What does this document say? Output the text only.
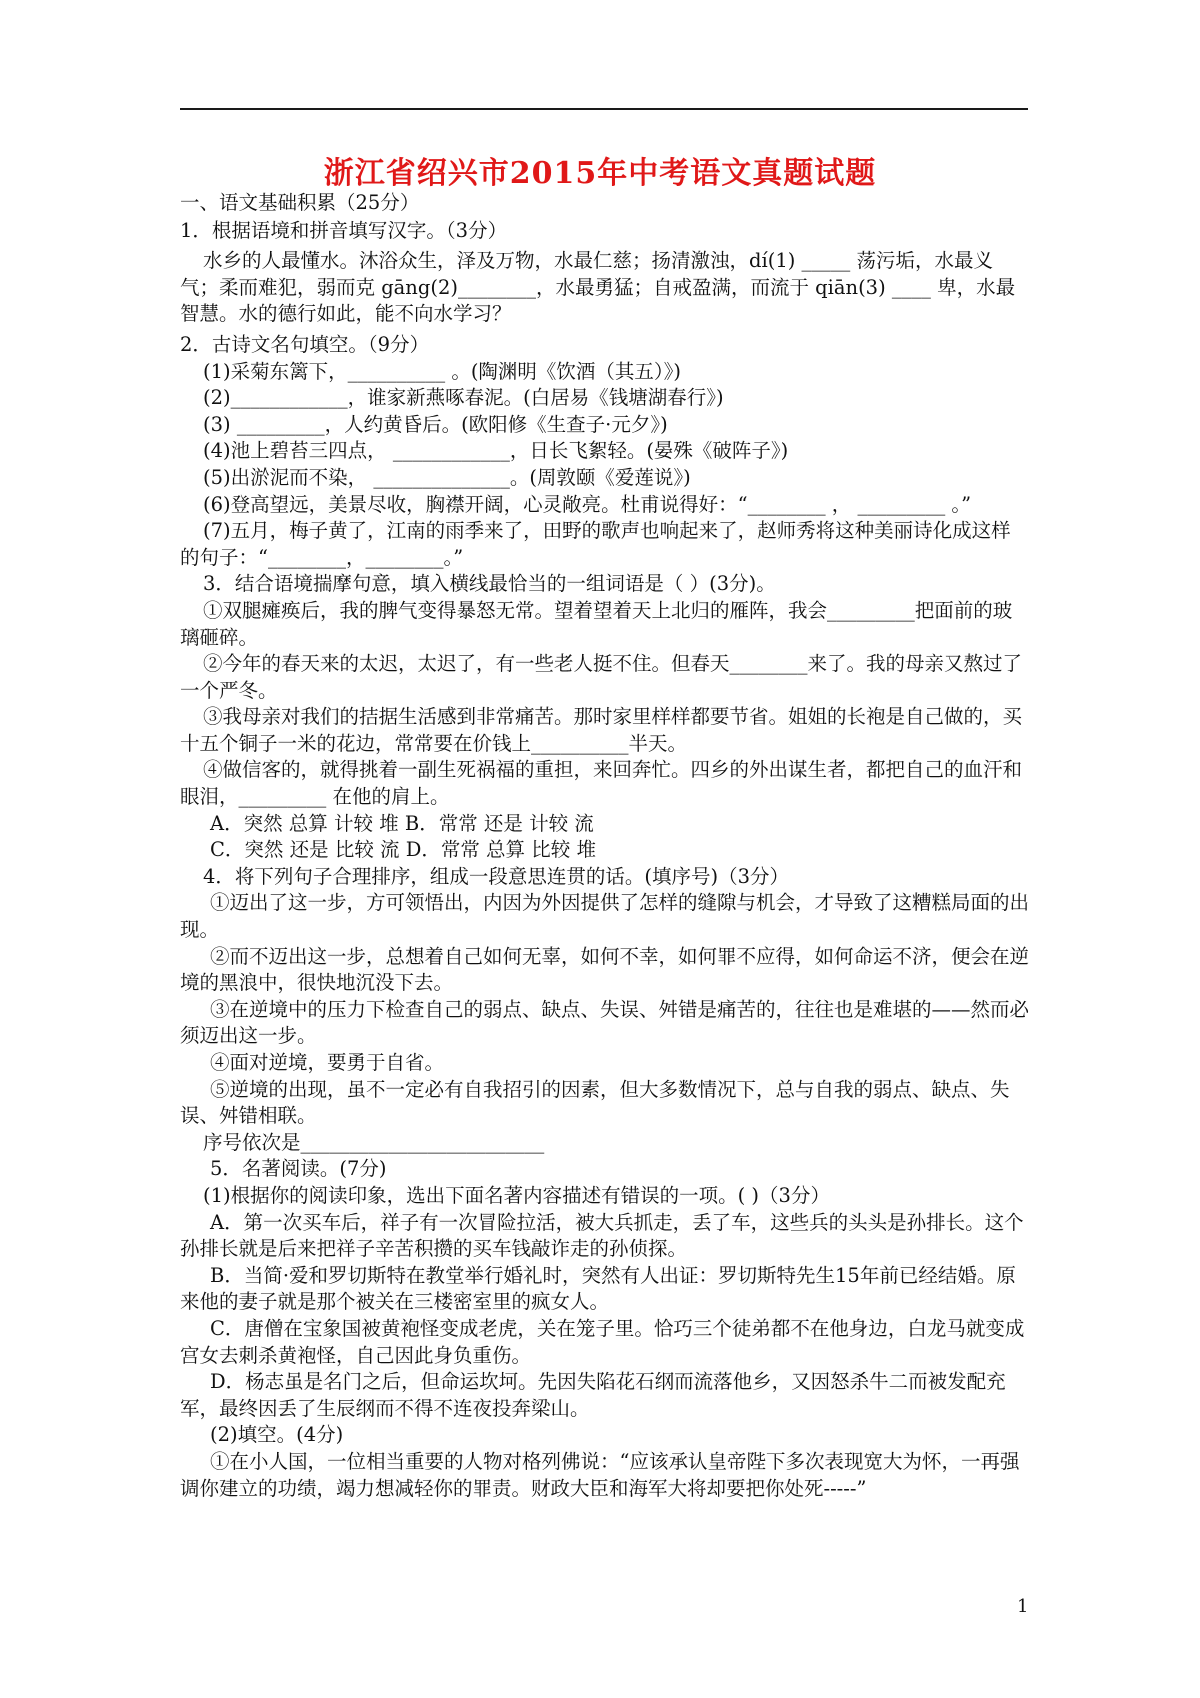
浙江省绍兴市2015年中考语文真题试题

一、语文基础积累（25分）

1．根据语境和拼音填写汉字。（3分）

水乡的人最懂水。沐浴众生，泽及万物，水最仁慈；扬清激浊，dí(1) _____ 荡污垢，水最义气；柔而难犯，弱而克 gāng(2)________，水最勇猛；自戒盈满，而流于 qiān(3) ____ 卑，水最智慧。水的德行如此，能不向水学习？

2．古诗文名句填空。（9分）

(1)采菊东篱下，__________ 。(陶渊明《饮酒（其五）》)

(2)____________，谁家新燕啄春泥。(白居易《钱塘湖春行》)

(3) _________，人约黄昏后。(欧阳修《生查子·元夕》)

(4)池上碧苔三四点， ____________，日长飞絮轻。(晏殊《破阵子》)

(5)出淤泥而不染， ______________。(周敦颐《爱莲说》)

(6)登高望远，美景尽收，胸襟开阔，心灵敞亮。杜甫说得好：“________ ， _________ 。”

(7)五月，梅子黄了，江南的雨季来了，田野的歌声也响起来了，赵师秀将这种美丽诗化成这样的句子：“________，________。”

3．结合语境揣摩句意，填入横线最恰当的一组词语是（ ）(3分)。

①双腿瘫痪后，我的脾气变得暴怒无常。望着望着天上北归的雁阵，我会_________把面前的玻璃砸碎。

②今年的春天来的太迟，太迟了，有一些老人挺不住。但春天________来了。我的母亲又熬过了一个严冬。

③我母亲对我们的拮据生活感到非常痛苦。那时家里样样都要节省。姐姐的长袍是自己做的，买十五个铜子一米的花边，常常要在价钱上__________半天。

④做信客的，就得挑着一副生死祸福的重担，来回奔忙。四乡的外出谋生者，都把自己的血汗和眼泪，_________ 在他的肩上。

A．突然 总算 计较 堆 B．常常 还是 计较 流

C．突然 还是 比较 流 D．常常 总算 比较 堆

4．将下列句子合理排序，组成一段意思连贯的话。(填序号)（3分）

①迈出了这一步，方可领悟出，内因为外因提供了怎样的缝隙与机会，才导致了这糟糕局面的出现。

②而不迈出这一步，总想着自己如何无辜，如何不幸，如何罪不应得，如何命运不济，便会在逆境的黑浪中，很快地沉没下去。

③在逆境中的压力下检查自己的弱点、缺点、失误、舛错是痛苦的，往往也是难堪的——然而必须迈出这一步。

④面对逆境，要勇于自省。

⑤逆境的出现，虽不一定必有自我招引的因素，但大多数情况下，总与自我的弱点、缺点、失误、舛错相联。

序号依次是_________________________

5．名著阅读。(7分)

(1)根据你的阅读印象，选出下面名著内容描述有错误的一项。( )（3分）

A．第一次买车后，祥子有一次冒险拉活，被大兵抓走，丢了车，这些兵的头头是孙排长。这个孙排长就是后来把祥子辛苦积攒的买车钱敲诈走的孙侦探。

B．当简·爱和罗切斯特在教堂举行婚礼时，突然有人出证：罗切斯特先生15年前已经结婚。原来他的妻子就是那个被关在三楼密室里的疯女人。

C．唐僧在宝象国被黄袍怪变成老虎，关在笼子里。恰巧三个徒弟都不在他身边，白龙马就变成宫女去刺杀黄袍怪，自己因此身负重伤。

D．杨志虽是名门之后，但命运坎坷。先因失陷花石纲而流落他乡，又因怒杀牛二而被发配充军，最终因丢了生辰纲而不得不连夜投奔梁山。

(2)填空。(4分)

①在小人国，一位相当重要的人物对格列佛说：“应该承认皇帝陛下多次表现宽大为怀，一再强调你建立的功绩，竭力想减轻你的罪责。财政大臣和海军大将却要把你处死-----”

1
